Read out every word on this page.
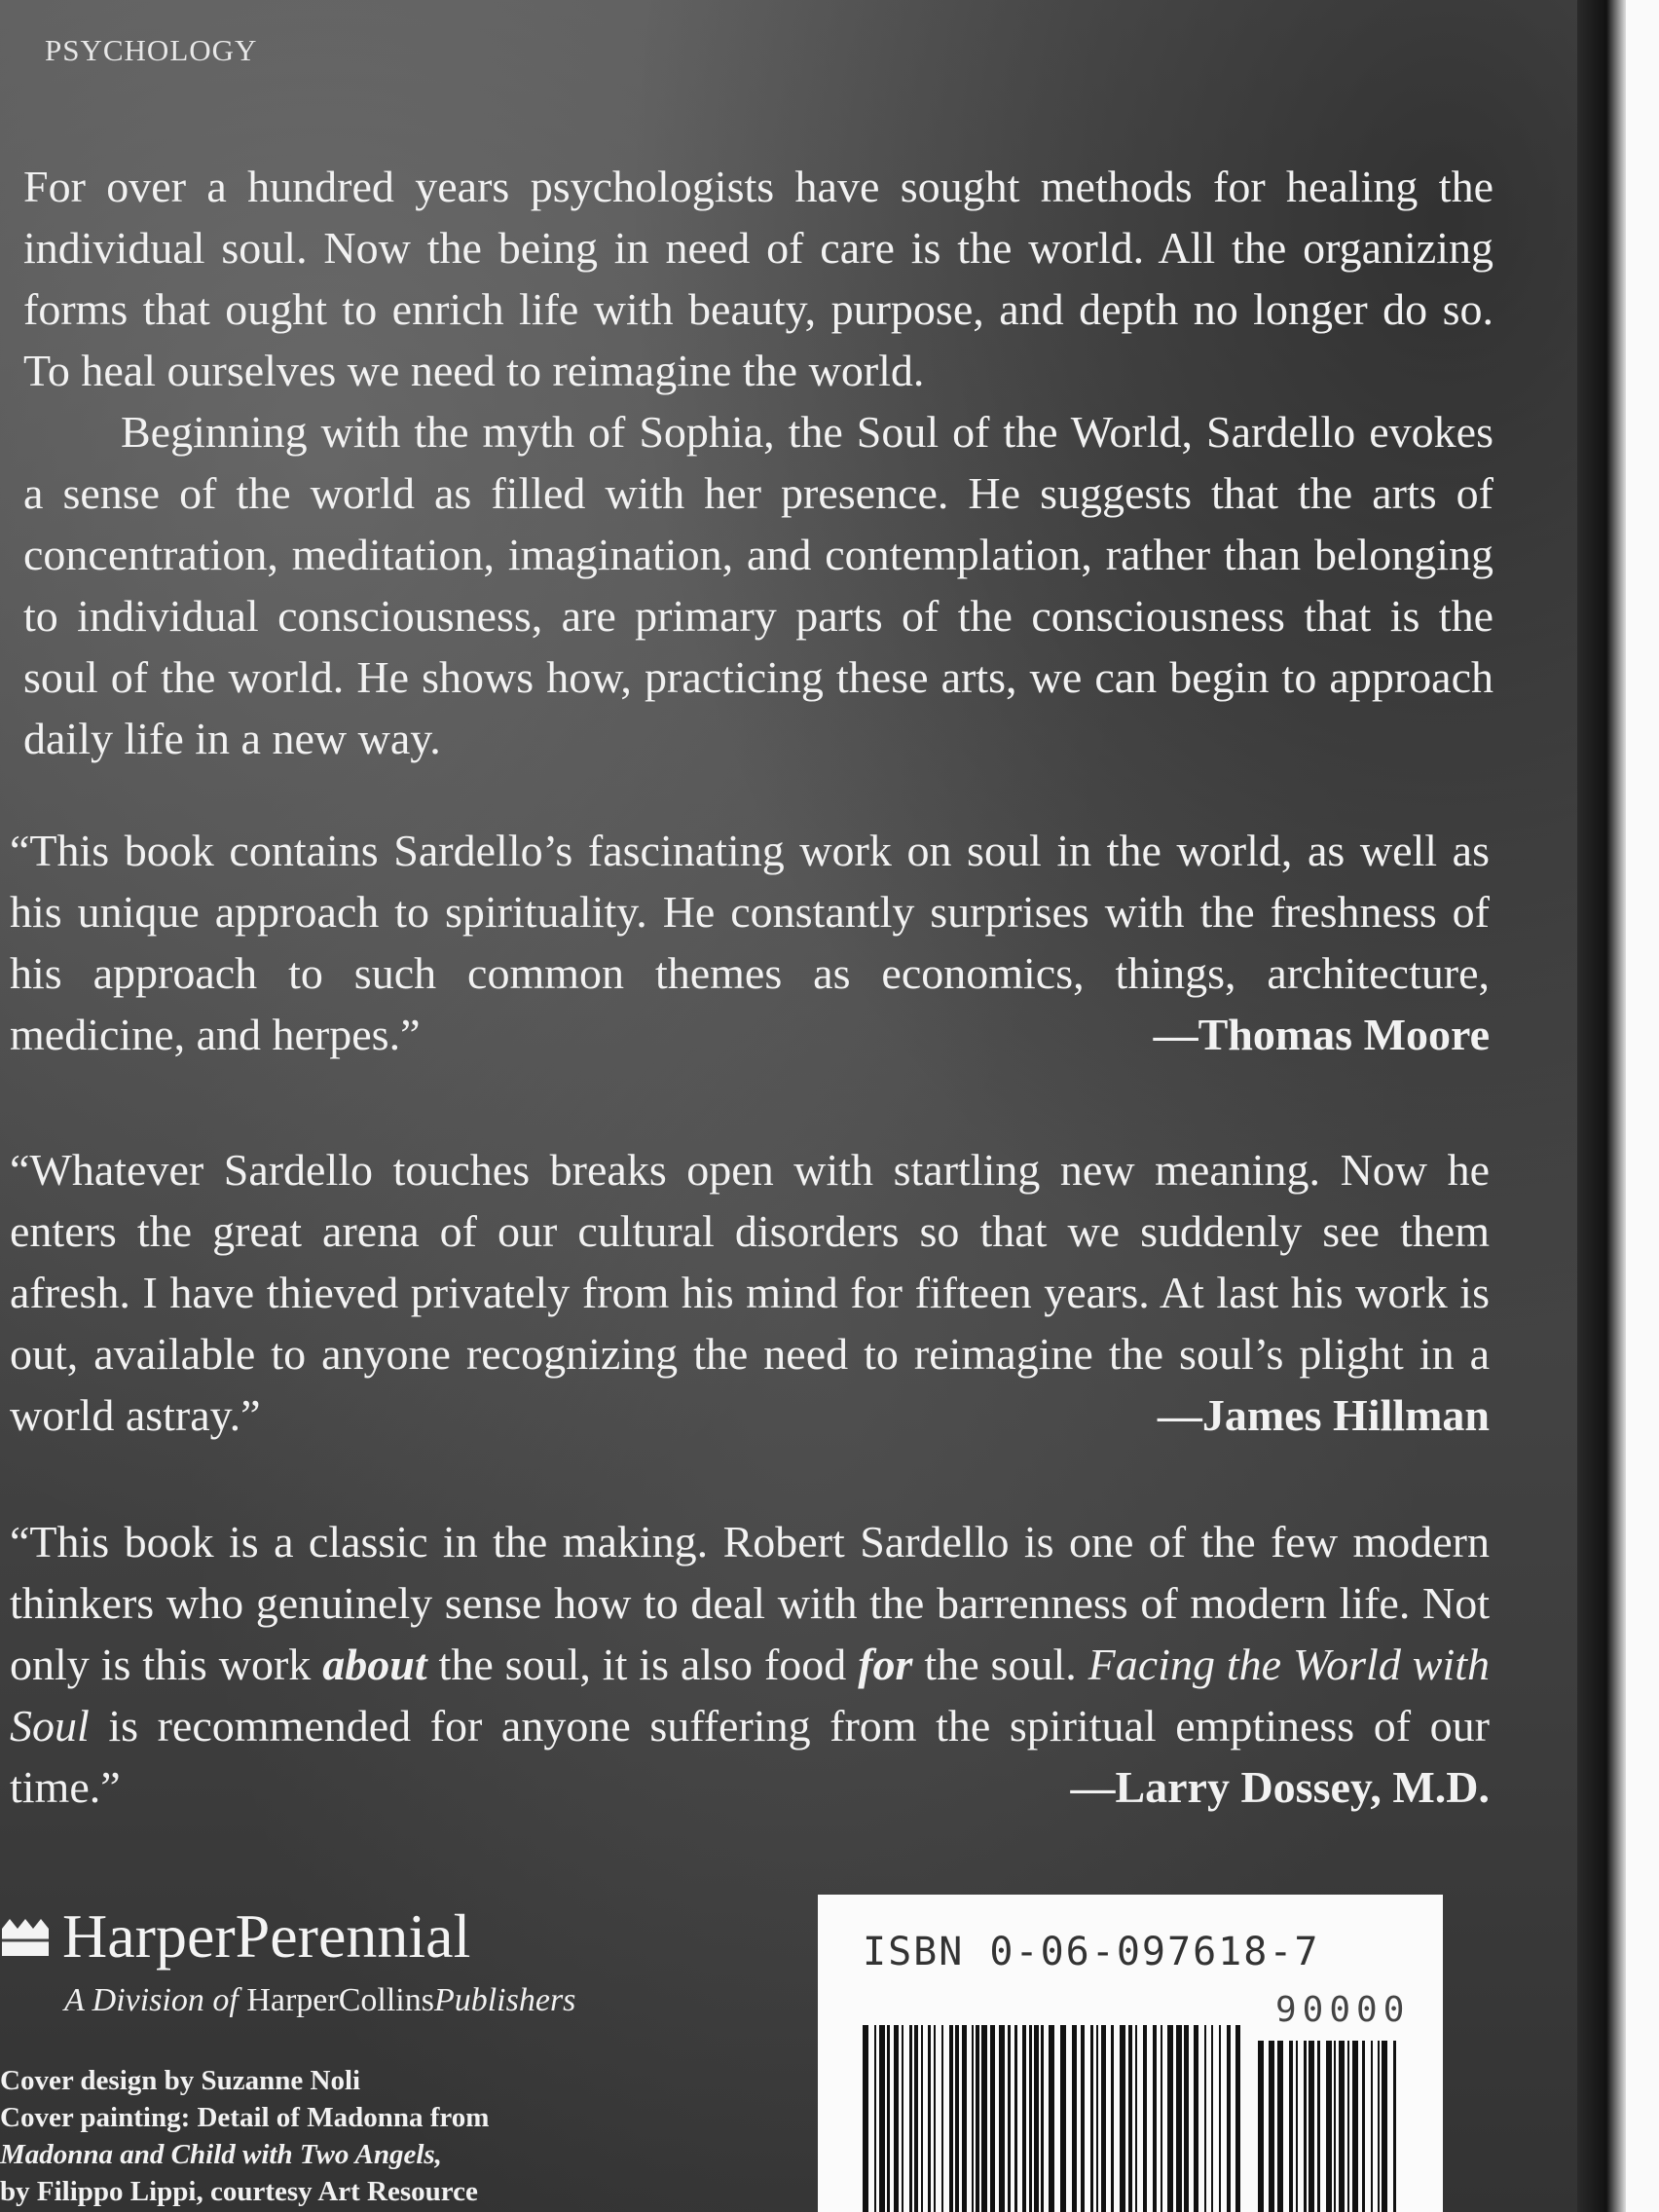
PSYCHOLOGY

For over a hundred years psychologists have sought methods for healing the individual soul. Now the being in need of care is the world. All the organizing forms that ought to enrich life with beauty, purpose, and depth no longer do so. To heal ourselves we need to reimagine the world.

Beginning with the myth of Sophia, the Soul of the World, Sardello evokes a sense of the world as filled with her presence. He suggests that the arts of concentration, meditation, imagination, and contemplation, rather than belonging to individual consciousness, are primary parts of the consciousness that is the soul of the world. He shows how, practicing these arts, we can begin to approach daily life in a new way.

“This book contains Sardello’s fascinating work on soul in the world, as well as his unique approach to spirituality. He constantly surprises with the freshness of his approach to such common themes as economics, things, architecture, medicine, and herpes.”	—Thomas Moore
“Whatever Sardello touches breaks open with startling new meaning. Now he enters the great arena of our cultural disorders so that we suddenly see them afresh. I have thieved privately from his mind for fifteen years. At last his work is out, available to anyone recognizing the need to reimagine the soul’s plight in a world astray.”	—James Hillman
“This book is a classic in the making. Robert Sardello is one of the few modern thinkers who genuinely sense how to deal with the barrenness of modern life. Not only is this work about the soul, it is also food for the soul. Facing the World with Soul is recommended for anyone suffering from the spiritual emptiness of our time.”	—Larry Dossey, M.D.
HarperPerennial
A Division of HarperCollinsPublishers
Cover design by Suzanne Noli
Cover painting: Detail of Madonna from
Madonna and Child with Two Angels,
by Filippo Lippi, courtesy Art Resource
ISBN 0-06-097618-7
90000
